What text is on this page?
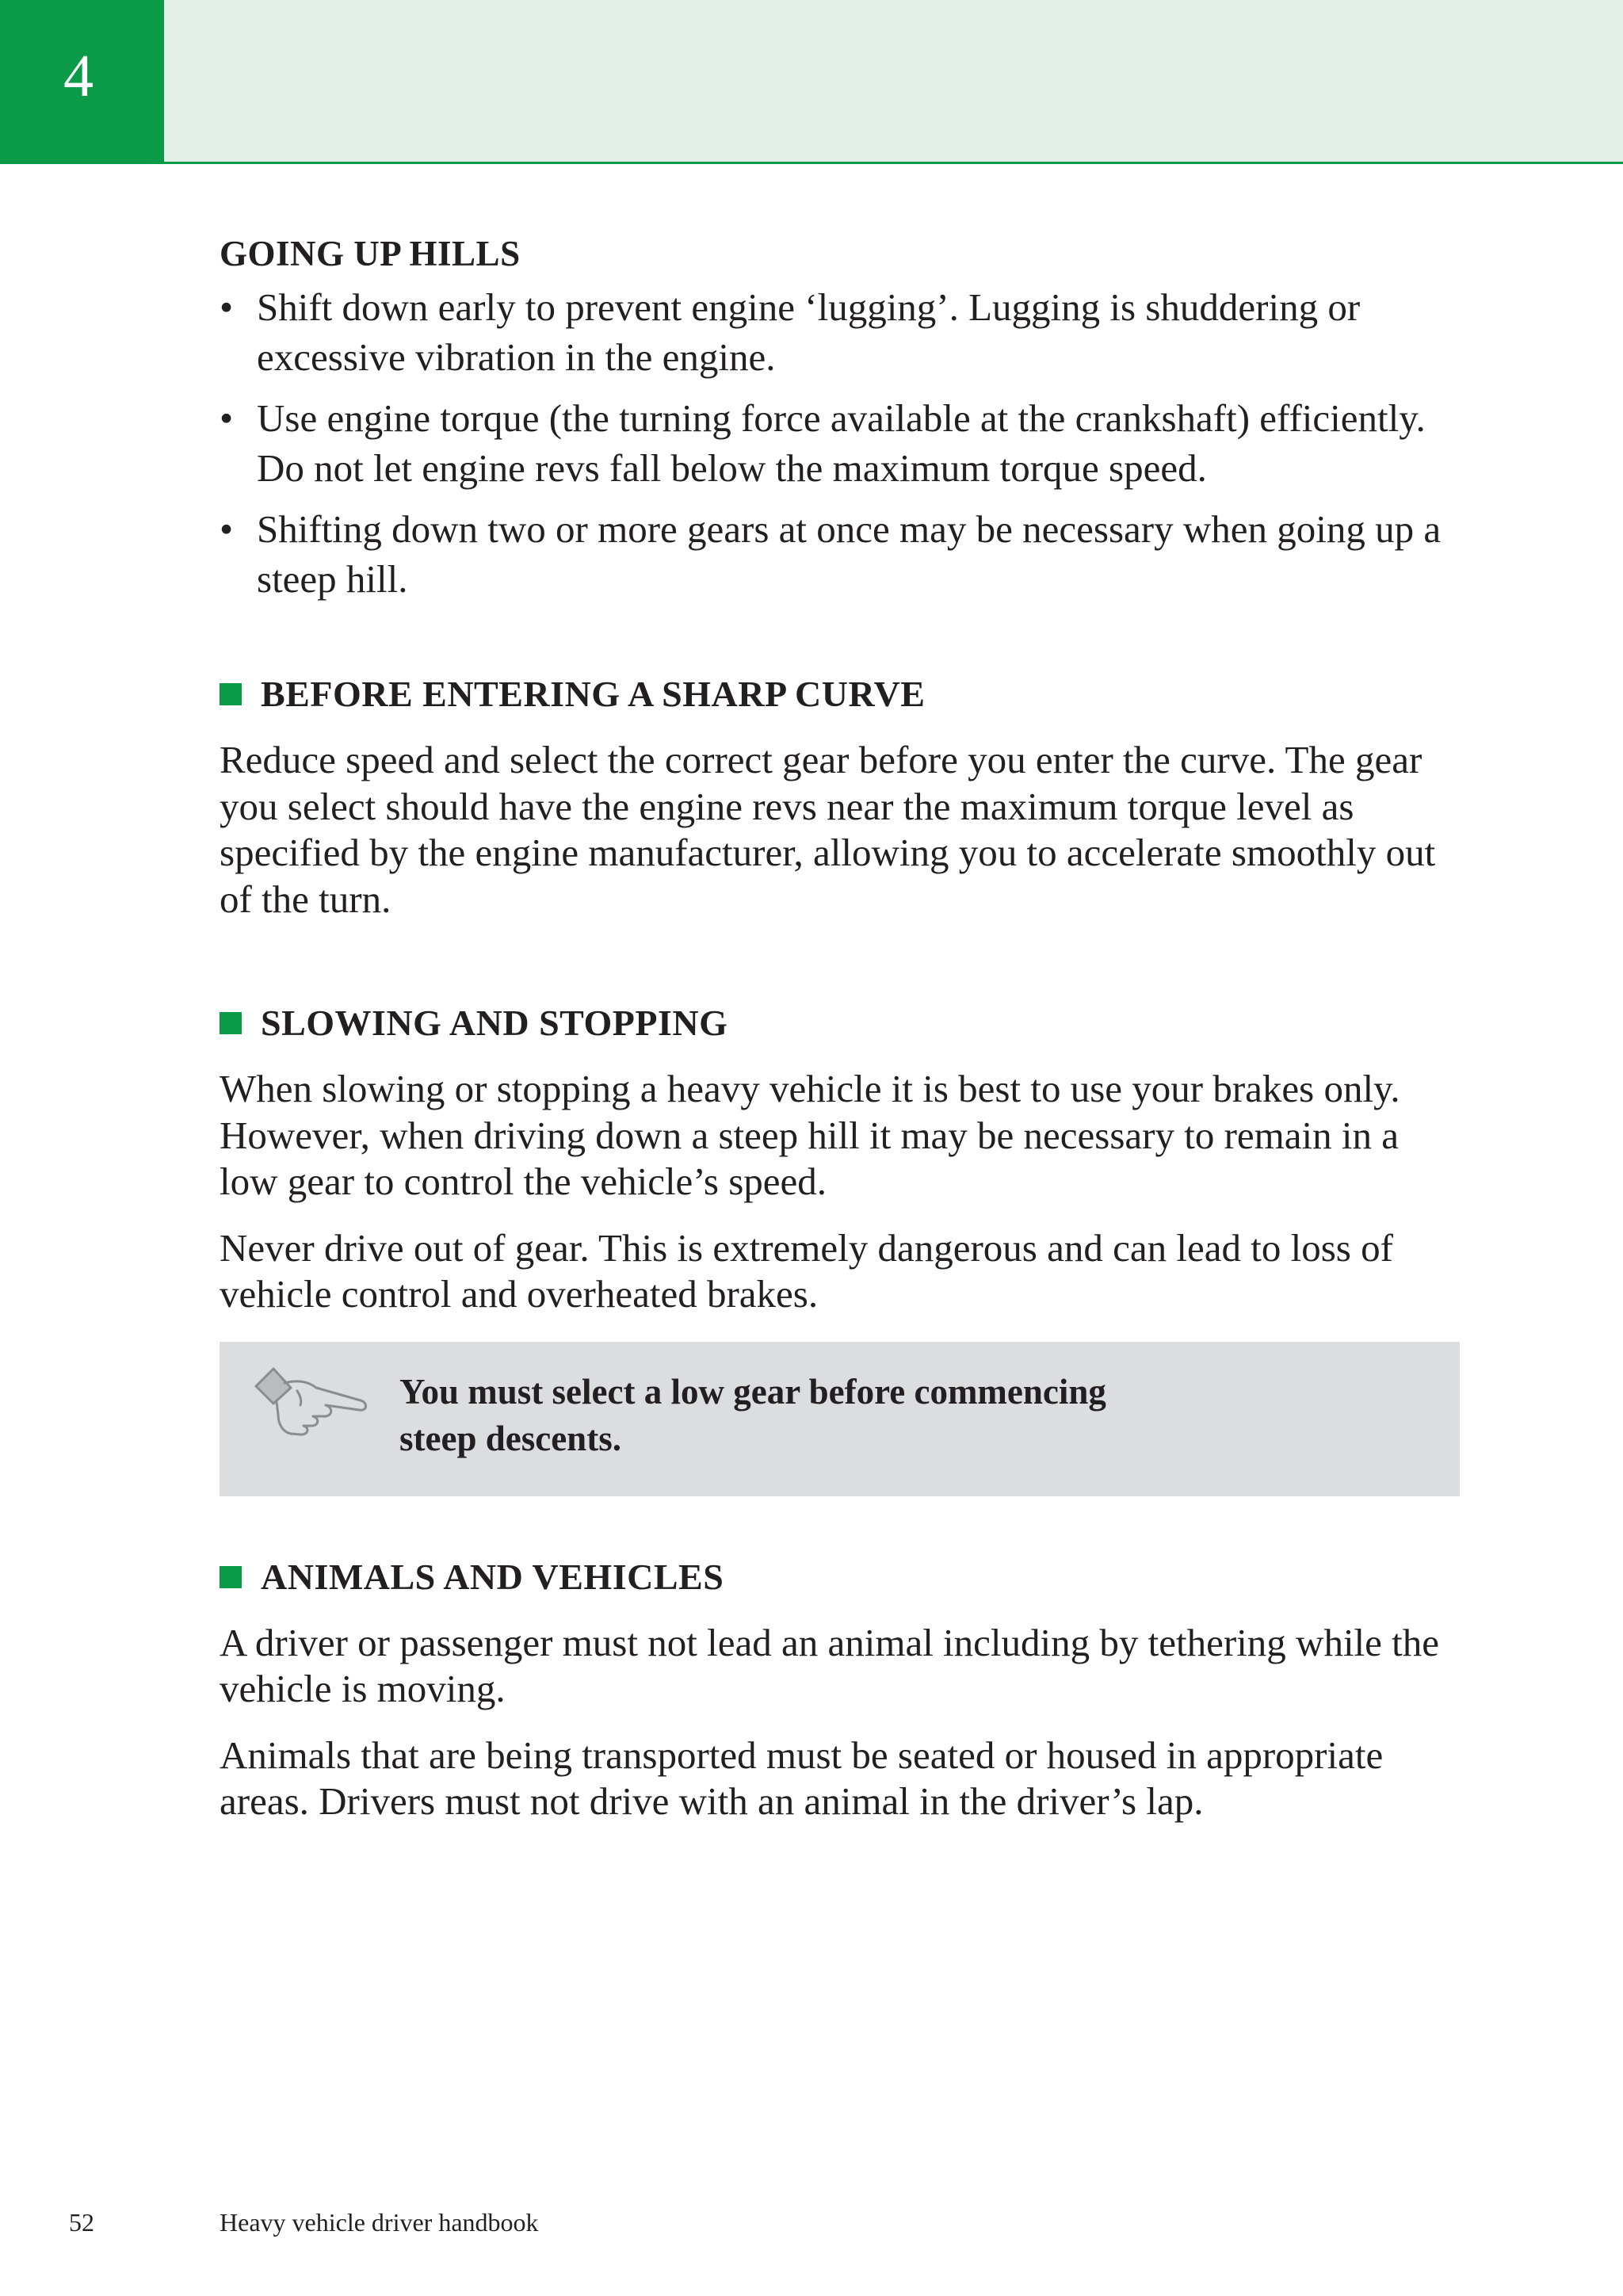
4
GOING UP HILLS
• Shift down early to prevent engine ‘lugging’. Lugging is shuddering or excessive vibration in the engine.
• Use engine torque (the turning force available at the crankshaft) efficiently. Do not let engine revs fall below the maximum torque speed.
• Shifting down two or more gears at once may be necessary when going up a steep hill.
BEFORE ENTERING A SHARP CURVE

Reduce speed and select the correct gear before you enter the curve. The gear you select should have the engine revs near the maximum torque level as specified by the engine manufacturer, allowing you to accelerate smoothly out of the turn.

SLOWING AND STOPPING

When slowing or stopping a heavy vehicle it is best to use your brakes only. However, when driving down a steep hill it may be necessary to remain in a low gear to control the vehicle’s speed.

Never drive out of gear. This is extremely dangerous and can lead to loss of vehicle control and overheated brakes.

You must select a low gear before commencing
steep descents.
ANIMALS AND VEHICLES

A driver or passenger must not lead an animal including by tethering while the vehicle is moving.

Animals that are being transported must be seated or housed in appropriate areas. Drivers must not drive with an animal in the driver’s lap.

52	Heavy vehicle driver handbook
